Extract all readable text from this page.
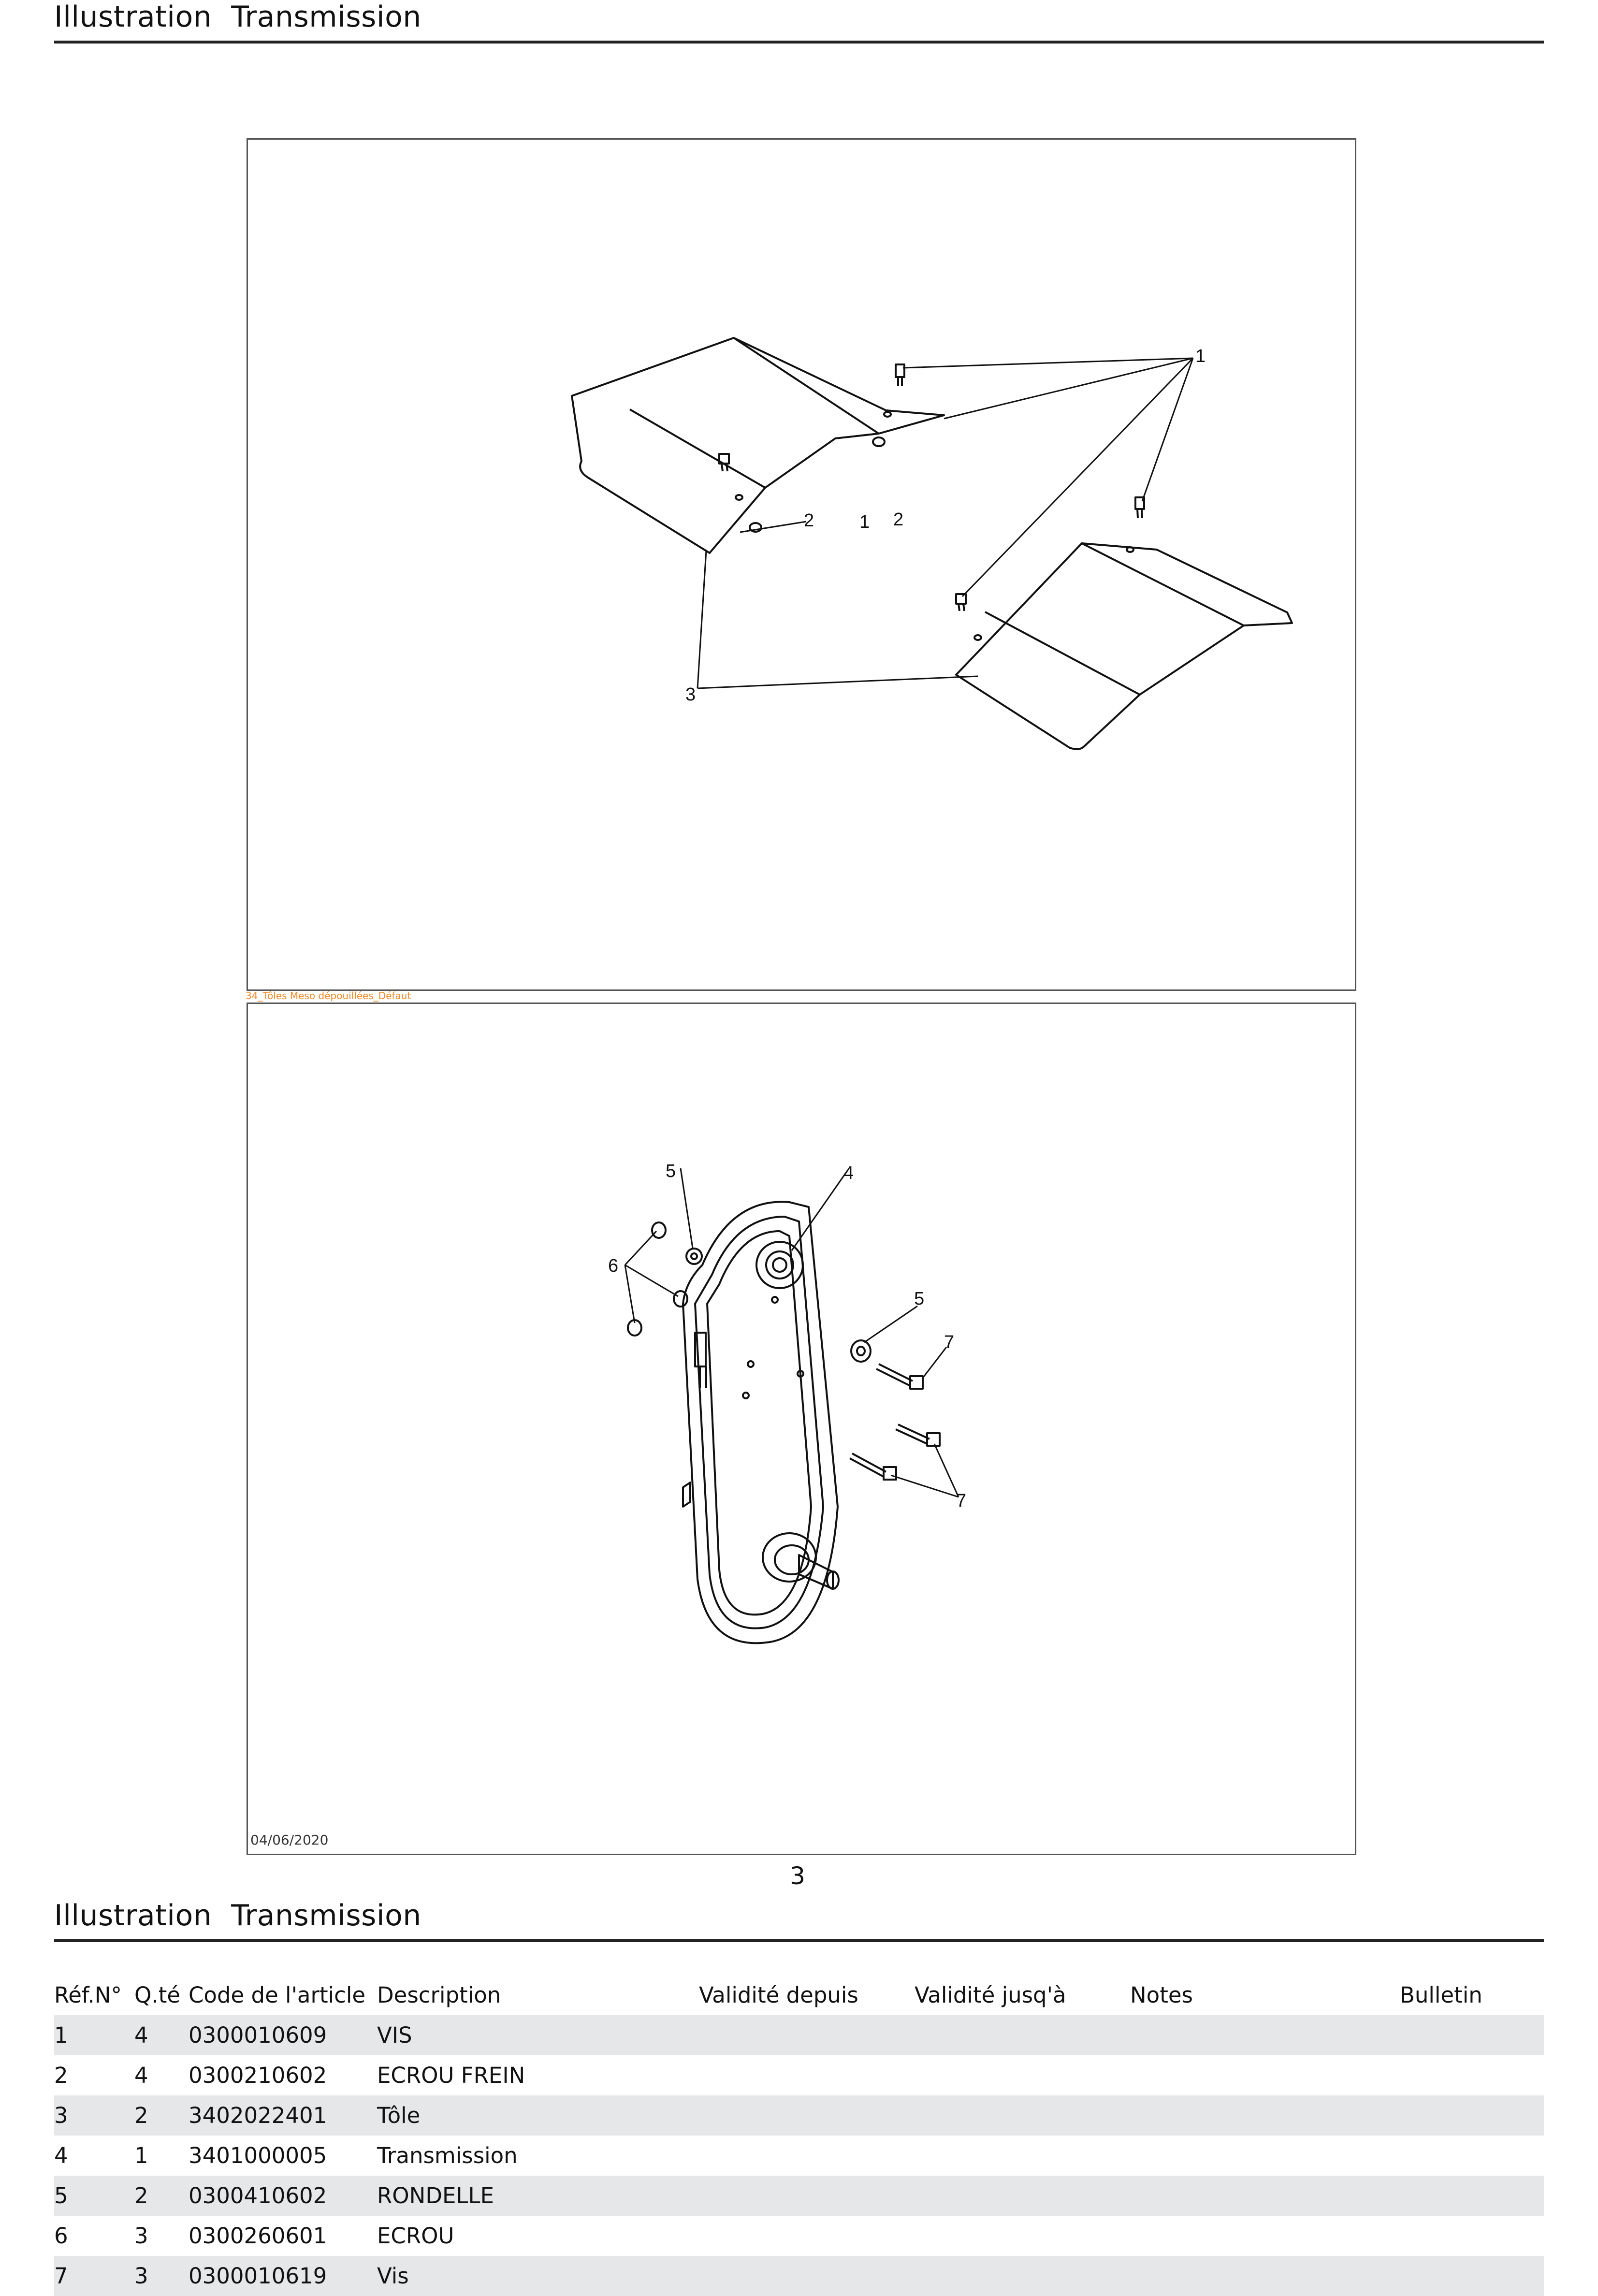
Illustration Transmission
1
2 1 2
3
34_Tôles Meso dépouillées_Défaut
5	4
6
5
7
7
04/06/2020
3
Illustration Transmission
Réf.N°	Q.té	Code de l'article	Description	Validité depuis	Validité jusq'à	Notes	Bulletin
1	4	0300010609	VIS				
2	4	0300210602	ECROU FREIN				
3	2	3402022401	Tôle				
4	1	3401000005	Transmission				
5	2	0300410602	RONDELLE				
6	3	0300260601	ECROU				
7	3	0300010619	Vis				
